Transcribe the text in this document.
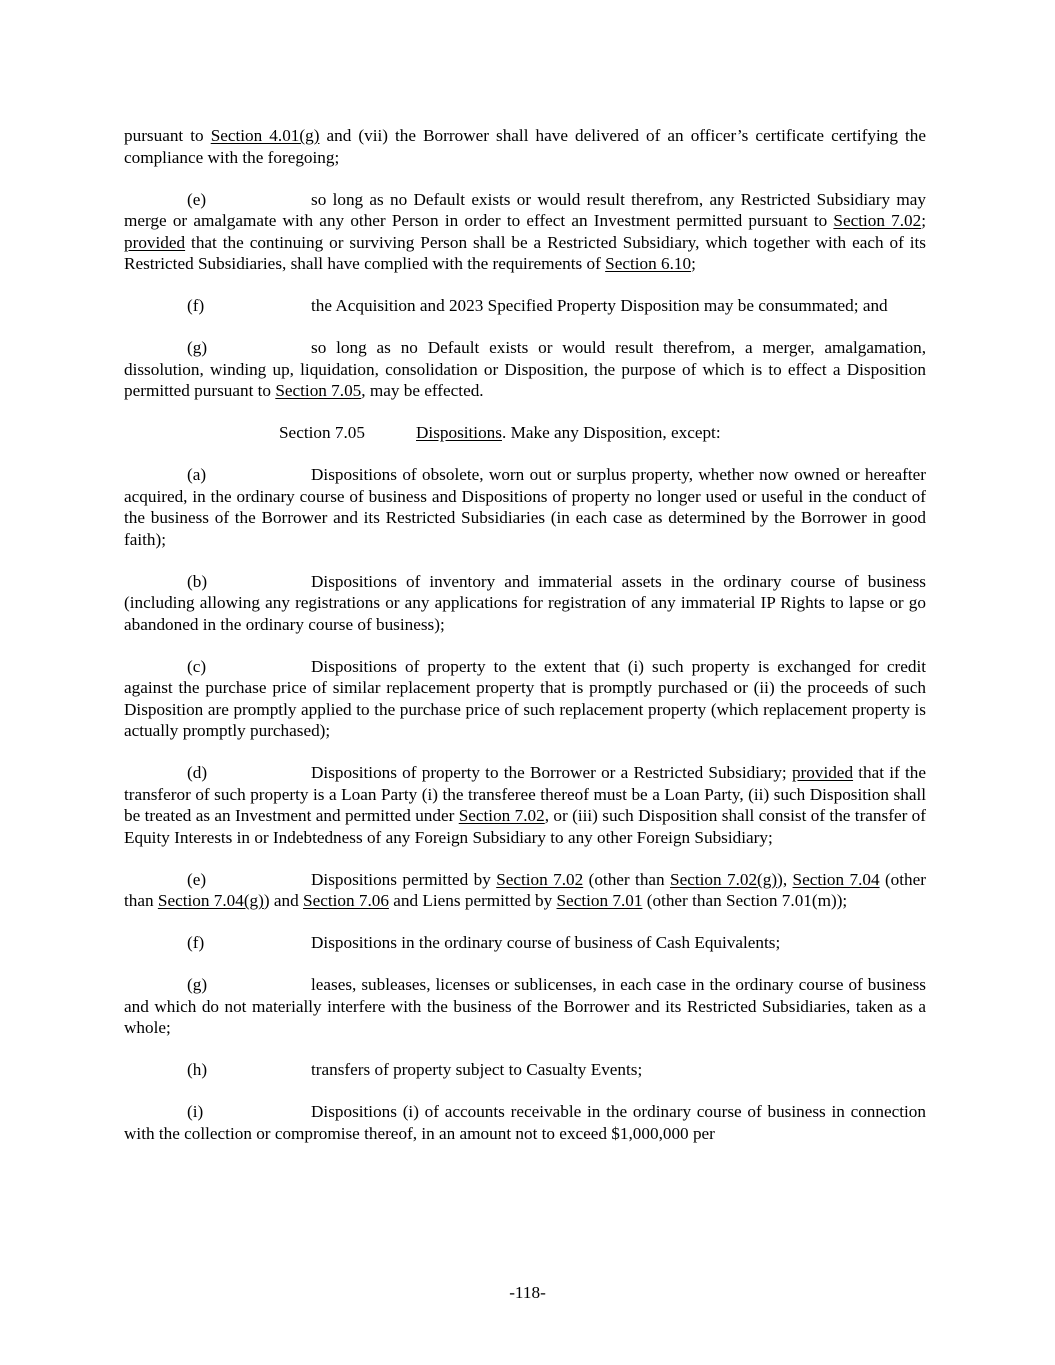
pursuant to Section 4.01(g) and (vii) the Borrower shall have delivered of an officer’s certificate certifying the compliance with the foregoing;

(e)	so long as no Default exists or would result therefrom, any Restricted Subsidiary may merge or amalgamate with any other Person in order to effect an Investment permitted pursuant to Section 7.02; provided that the continuing or surviving Person shall be a Restricted Subsidiary, which together with each of its Restricted Subsidiaries, shall have complied with the requirements of Section 6.10;

(f)	the Acquisition and 2023 Specified Property Disposition may be consummated; and

(g)	so long as no Default exists or would result therefrom, a merger, amalgamation, dissolution, winding up, liquidation, consolidation or Disposition, the purpose of which is to effect a Disposition permitted pursuant to Section 7.05, may be effected.

Section 7.05	Dispositions. Make any Disposition, except:

(a)	Dispositions of obsolete, worn out or surplus property, whether now owned or hereafter acquired, in the ordinary course of business and Dispositions of property no longer used or useful in the conduct of the business of the Borrower and its Restricted Subsidiaries (in each case as determined by the Borrower in good faith);

(b)	Dispositions of inventory and immaterial assets in the ordinary course of business (including allowing any registrations or any applications for registration of any immaterial IP Rights to lapse or go abandoned in the ordinary course of business);

(c)	Dispositions of property to the extent that (i) such property is exchanged for credit against the purchase price of similar replacement property that is promptly purchased or (ii) the proceeds of such Disposition are promptly applied to the purchase price of such replacement property (which replacement property is actually promptly purchased);

(d)	Dispositions of property to the Borrower or a Restricted Subsidiary; provided that if the transferor of such property is a Loan Party (i) the transferee thereof must be a Loan Party, (ii) such Disposition shall be treated as an Investment and permitted under Section 7.02, or (iii) such Disposition shall consist of the transfer of Equity Interests in or Indebtedness of any Foreign Subsidiary to any other Foreign Subsidiary;

(e)	Dispositions permitted by Section 7.02 (other than Section 7.02(g)), Section 7.04 (other than Section 7.04(g)) and Section 7.06 and Liens permitted by Section 7.01 (other than Section 7.01(m));

(f)	Dispositions in the ordinary course of business of Cash Equivalents;

(g)	leases, subleases, licenses or sublicenses, in each case in the ordinary course of business and which do not materially interfere with the business of the Borrower and its Restricted Subsidiaries, taken as a whole;

(h)	transfers of property subject to Casualty Events;

(i)	Dispositions (i) of accounts receivable in the ordinary course of business in connection with the collection or compromise thereof, in an amount not to exceed $1,000,000 per

-118-
